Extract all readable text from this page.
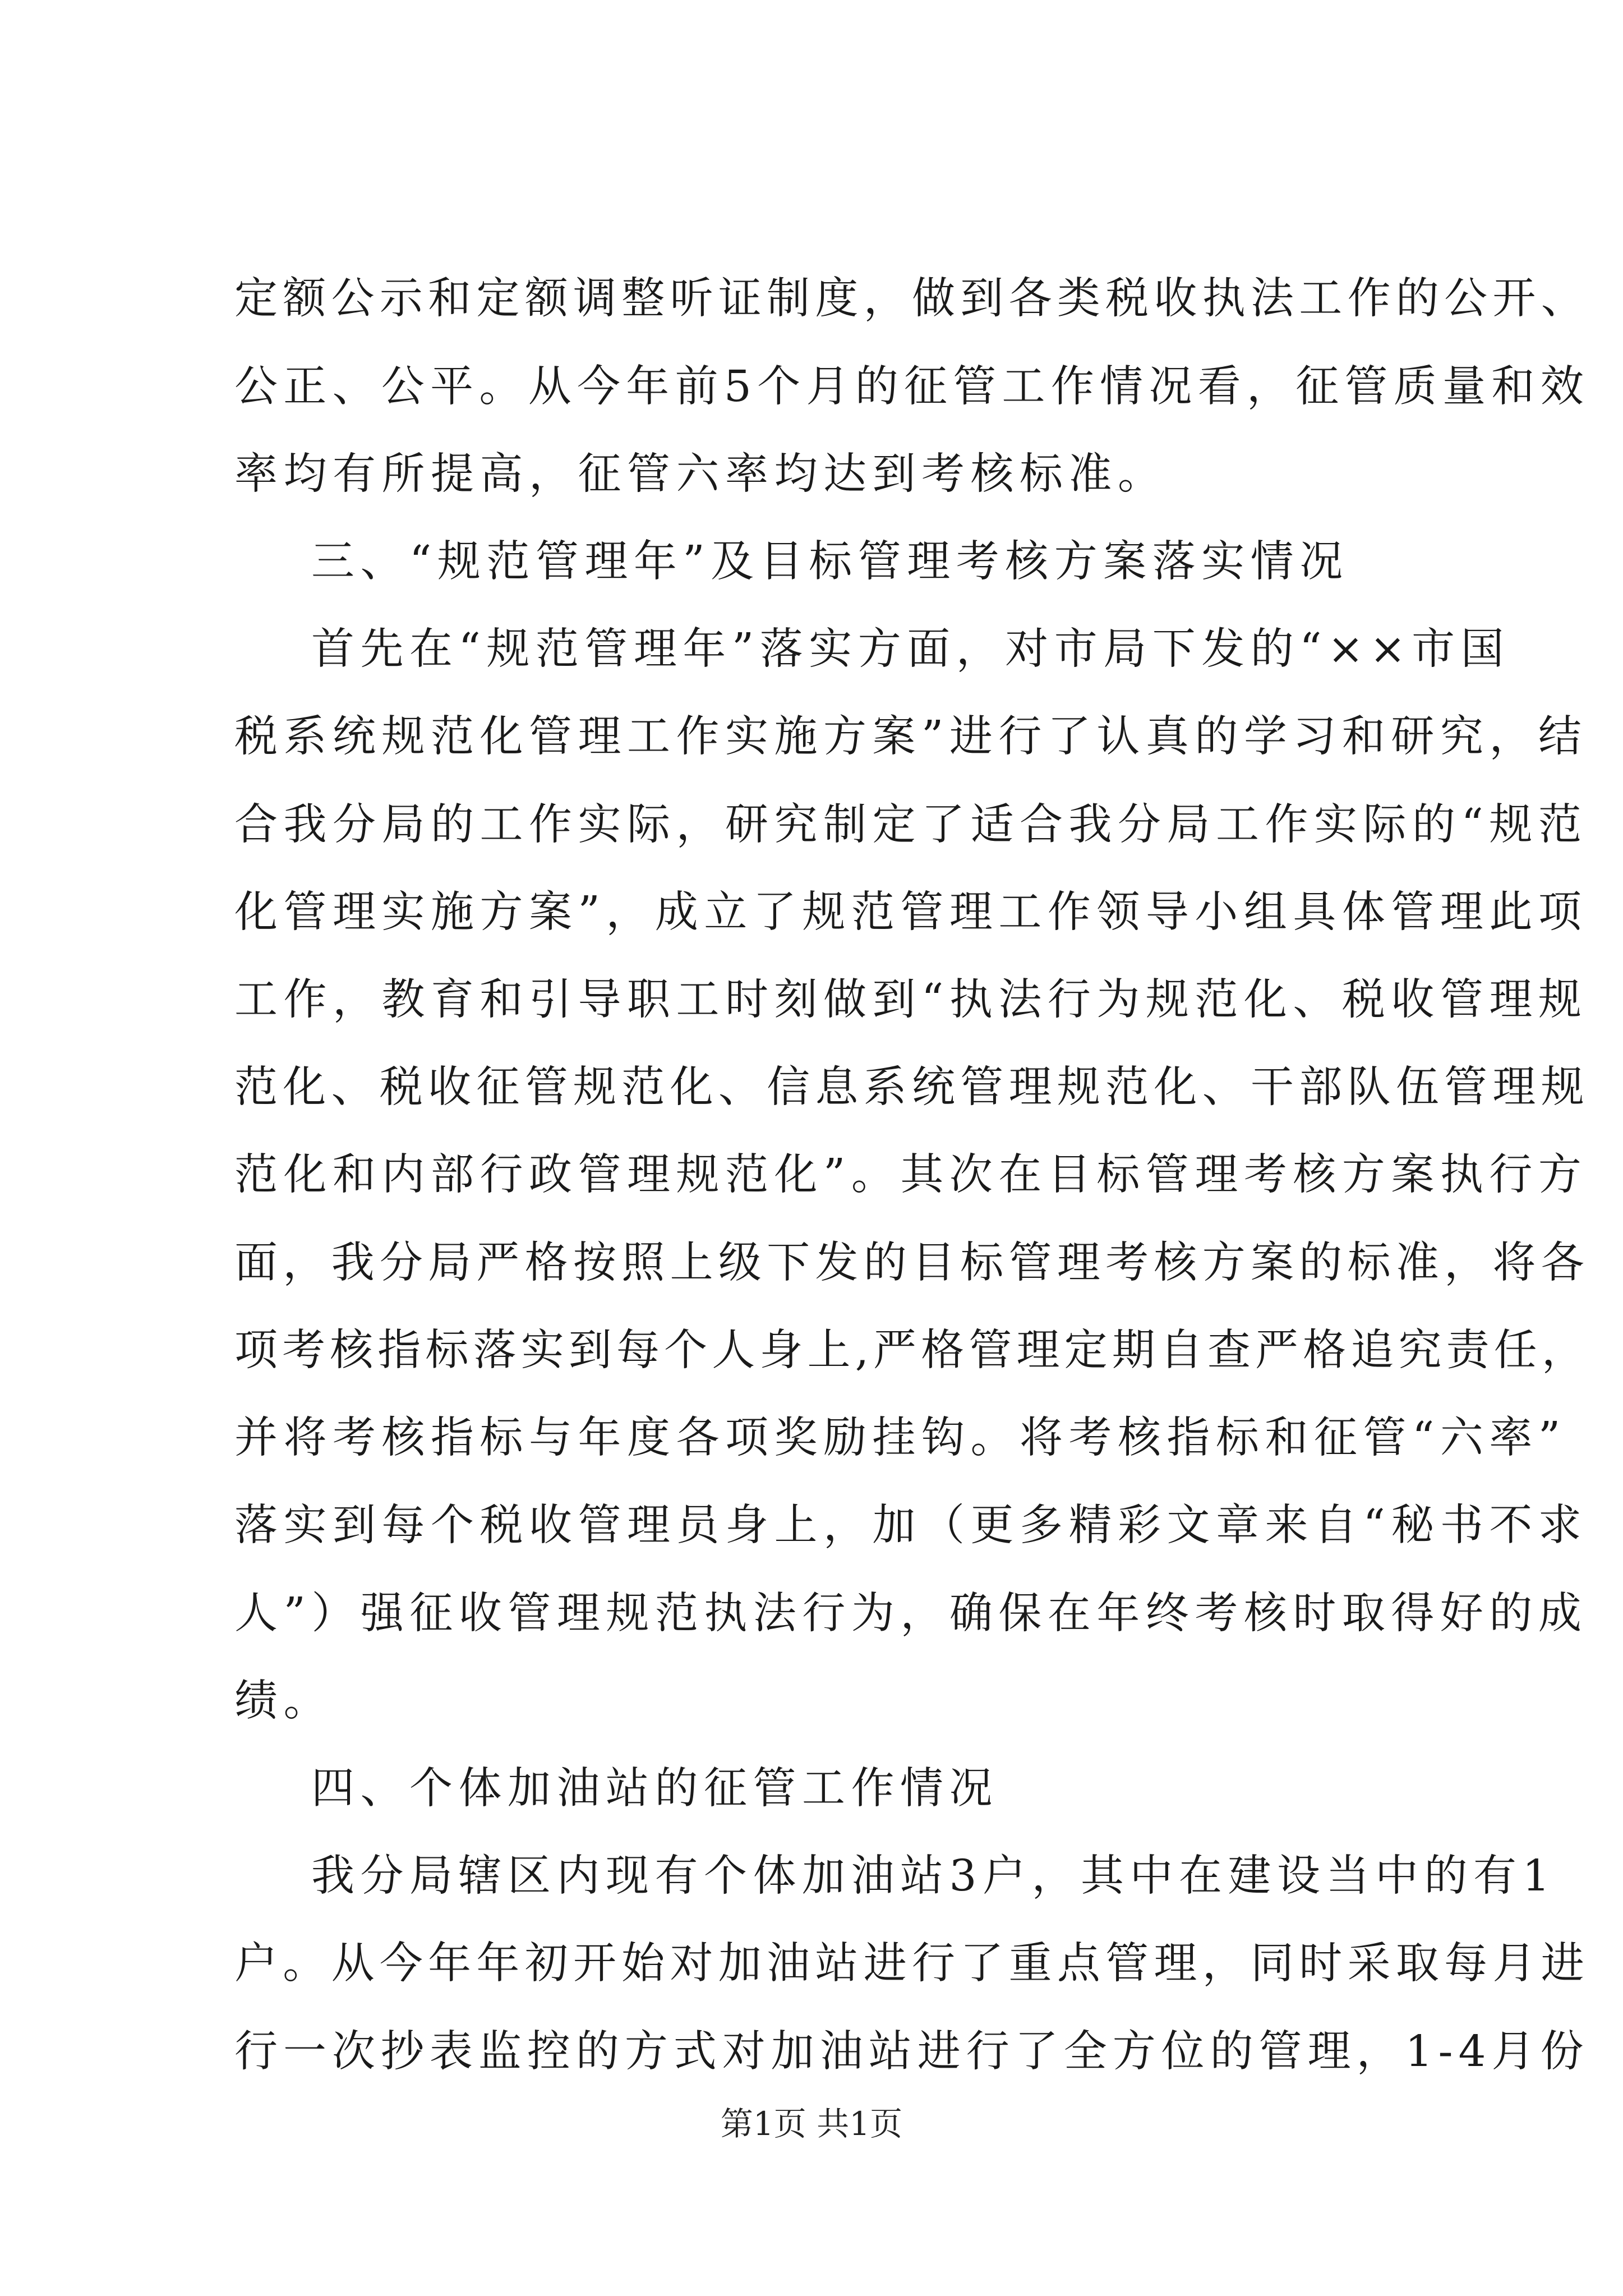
定额公示和定额调整听证制度，做到各类税收执法工作的公开、
公正、公平。从今年前5个月的征管工作情况看，征管质量和效
率均有所提高，征管六率均达到考核标准。
三、“规范管理年”及目标管理考核方案落实情况
首先在“规范管理年”落实方面，对市局下发的“××市国
税系统规范化管理工作实施方案”进行了认真的学习和研究，结
合我分局的工作实际，研究制定了适合我分局工作实际的“规范
化管理实施方案”，成立了规范管理工作领导小组具体管理此项
工作，教育和引导职工时刻做到“执法行为规范化、税收管理规
范化、税收征管规范化、信息系统管理规范化、干部队伍管理规
范化和内部行政管理规范化”。其次在目标管理考核方案执行方
面，我分局严格按照上级下发的目标管理考核方案的标准，将各
项考核指标落实到每个人身上,严格管理定期自查严格追究责任，
并将考核指标与年度各项奖励挂钩。将考核指标和征管“六率”
落实到每个税收管理员身上，加（更多精彩文章来自“秘书不求
人”）强征收管理规范执法行为，确保在年终考核时取得好的成
绩。
四、个体加油站的征管工作情况
我分局辖区内现有个体加油站3户，其中在建设当中的有1
户。从今年年初开始对加油站进行了重点管理，同时采取每月进
行一次抄表监控的方式对加油站进行了全方位的管理，1-4月份
第1页 共1页
